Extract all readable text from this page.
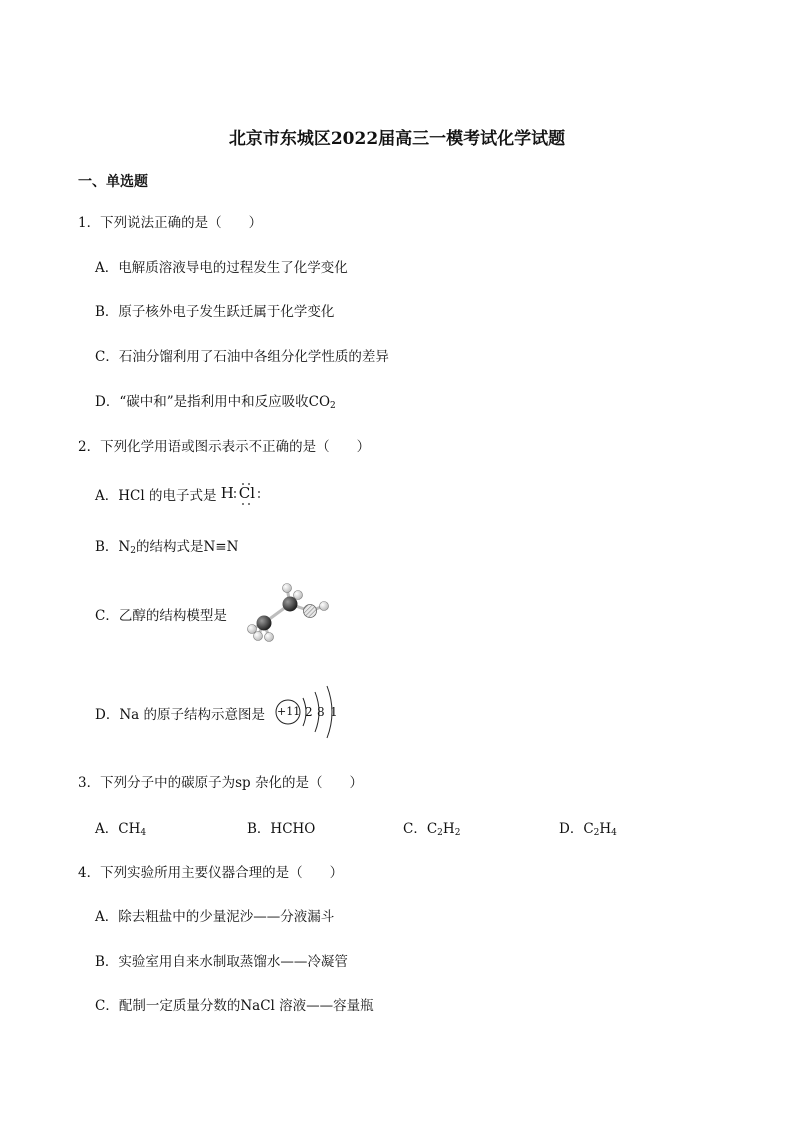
北京市东城区2022届高三一模考试化学试题
一、单选题
1．下列说法正确的是（　　）
A．电解质溶液导电的过程发生了化学变化
B．原子核外电子发生跃迁属于化学变化
C．石油分馏利用了石油中各组分化学性质的差异
D．“碳中和”是指利用中和反应吸收$CO_2$
2．下列化学用语或图示表示不正确的是（　　）
A．HCl 的电子式是 H Cl
B．$N_2$的结构式是N≡N
C．乙醇的结构模型是
D．Na 的原子结构示意图是 +11 2 8 1
3．下列分子中的碳原子为sp 杂化的是（　　）
A．$CH_4$	B．HCHO	C．$C_2H_2$	D．$C_2H_4$
4．下列实验所用主要仪器合理的是（　　）
A．除去粗盐中的少量泥沙——分液漏斗
B．实验室用自来水制取蒸馏水——冷凝管
C．配制一定质量分数的NaCl 溶液——容量瓶
